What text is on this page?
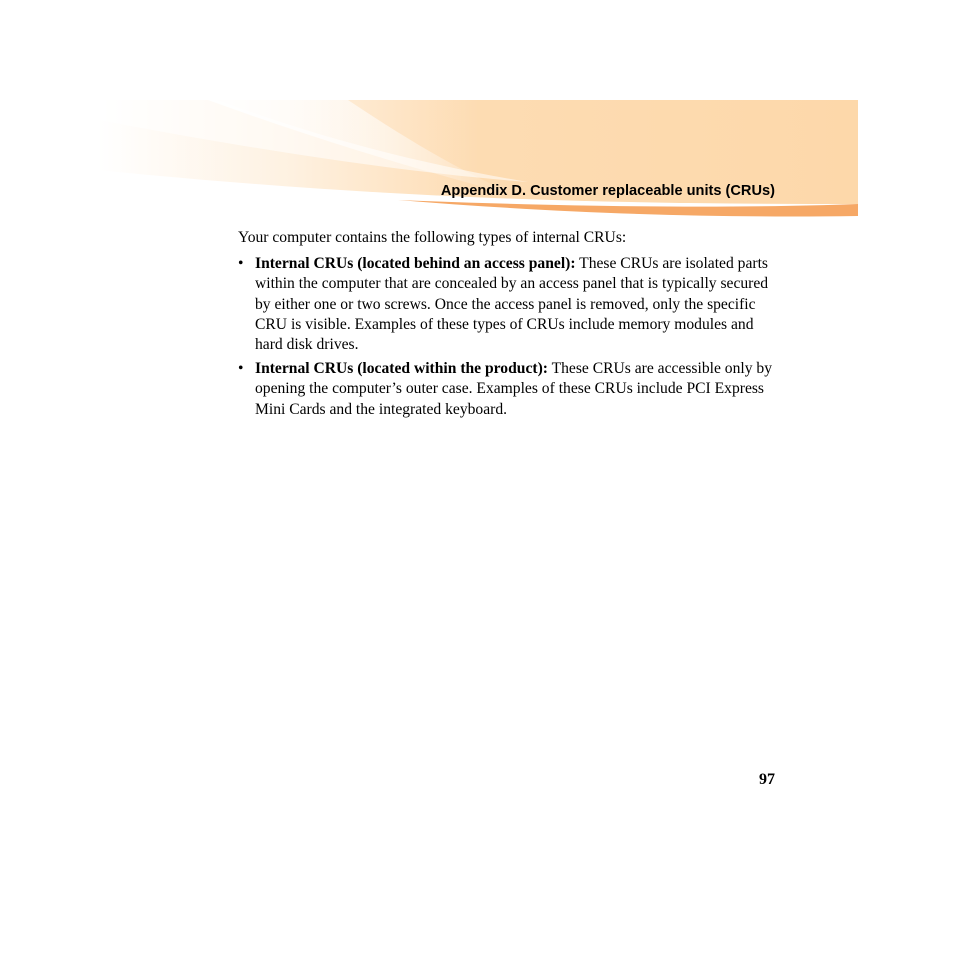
Appendix D. Customer replaceable units (CRUs)

Your computer contains the following types of internal CRUs:

• Internal CRUs (located behind an access panel): These CRUs are isolated parts within the computer that are concealed by an access panel that is typically secured by either one or two screws. Once the access panel is removed, only the specific CRU is visible. Examples of these types of CRUs include memory modules and hard disk drives.
• Internal CRUs (located within the product): These CRUs are accessible only by opening the computer’s outer case. Examples of these CRUs include PCI Express Mini Cards and the integrated keyboard.
97
